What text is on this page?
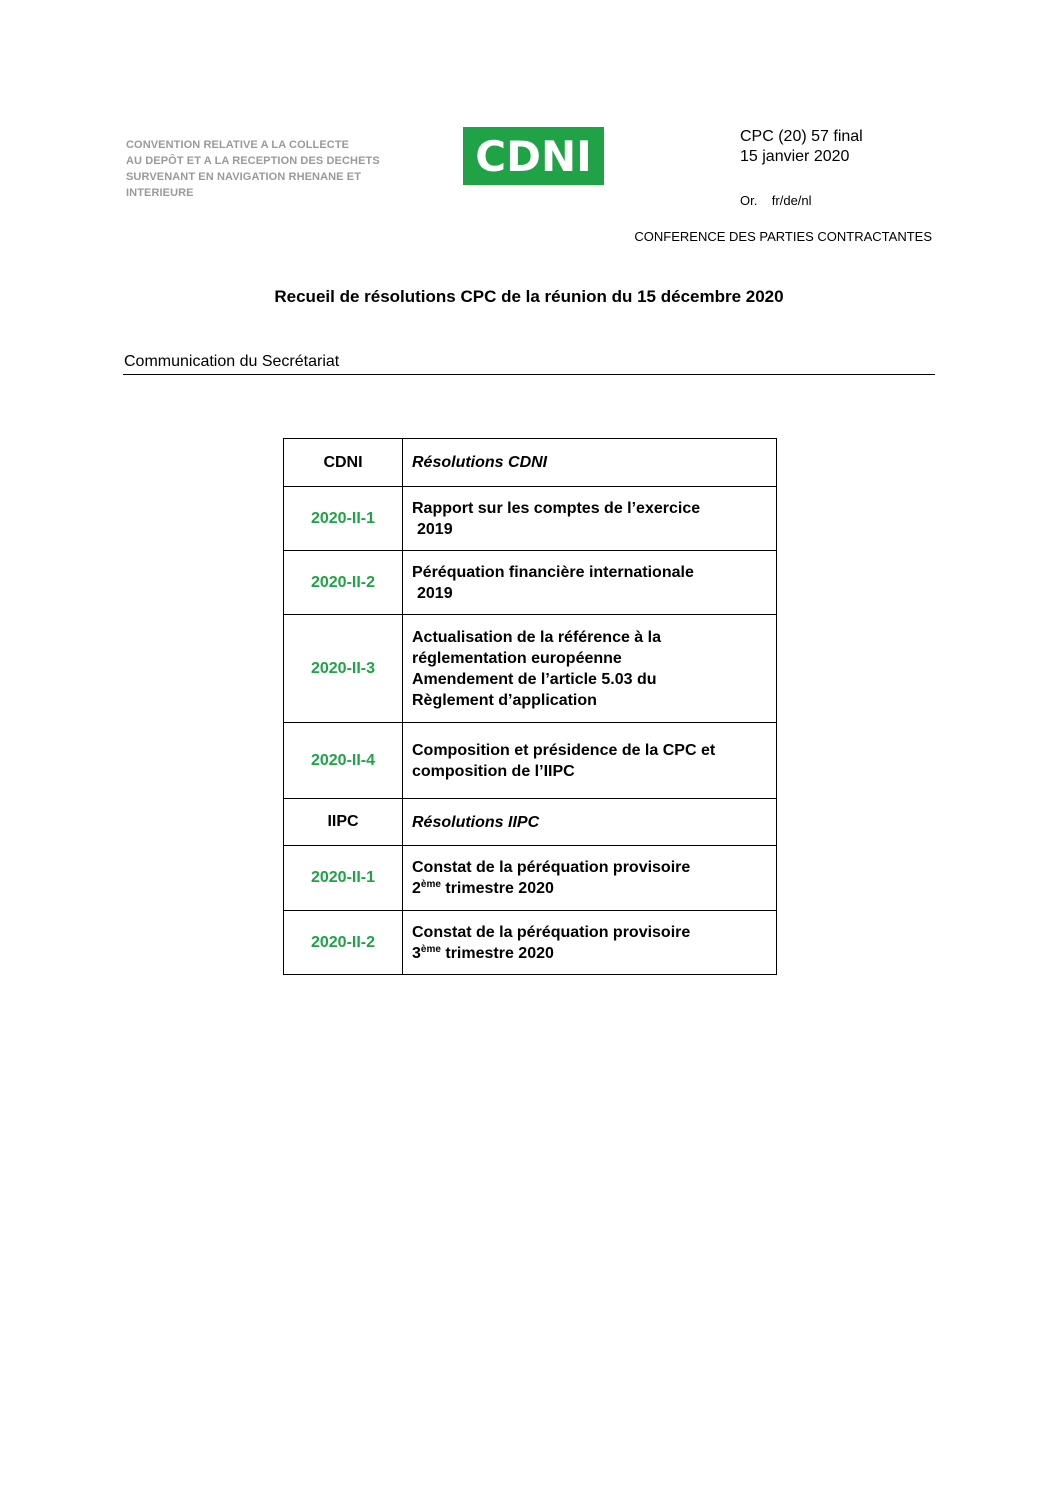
CONVENTION RELATIVE A LA COLLECTE
AU DEPÔT ET A LA RECEPTION DES DECHETS
SURVENANT EN NAVIGATION RHENANE ET
INTERIEURE
CDNI	CPC (20) 57 final
15 janvier 2020
Or.    fr/de/nl
CONFERENCE DES PARTIES CONTRACTANTES
Recueil de résolutions CPC de la réunion du 15 décembre 2020
Communication du Secrétariat
CDNI	Résolutions CDNI

2020-II-1	Rapport sur les comptes de l’exercice
2019

2020-II-2	Péréquation financière internationale
2019

2020-II-3	Actualisation de la référence à la
réglementation européenne
Amendement de l’article 5.03 du
Règlement d’application

2020-II-4	Composition et présidence de la CPC et
composition de l’IIPC

IIPC	Résolutions IIPC

2020-II-1	Constat de la péréquation provisoire
2ème trimestre 2020

2020-II-2	Constat de la péréquation provisoire
3ème trimestre 2020
